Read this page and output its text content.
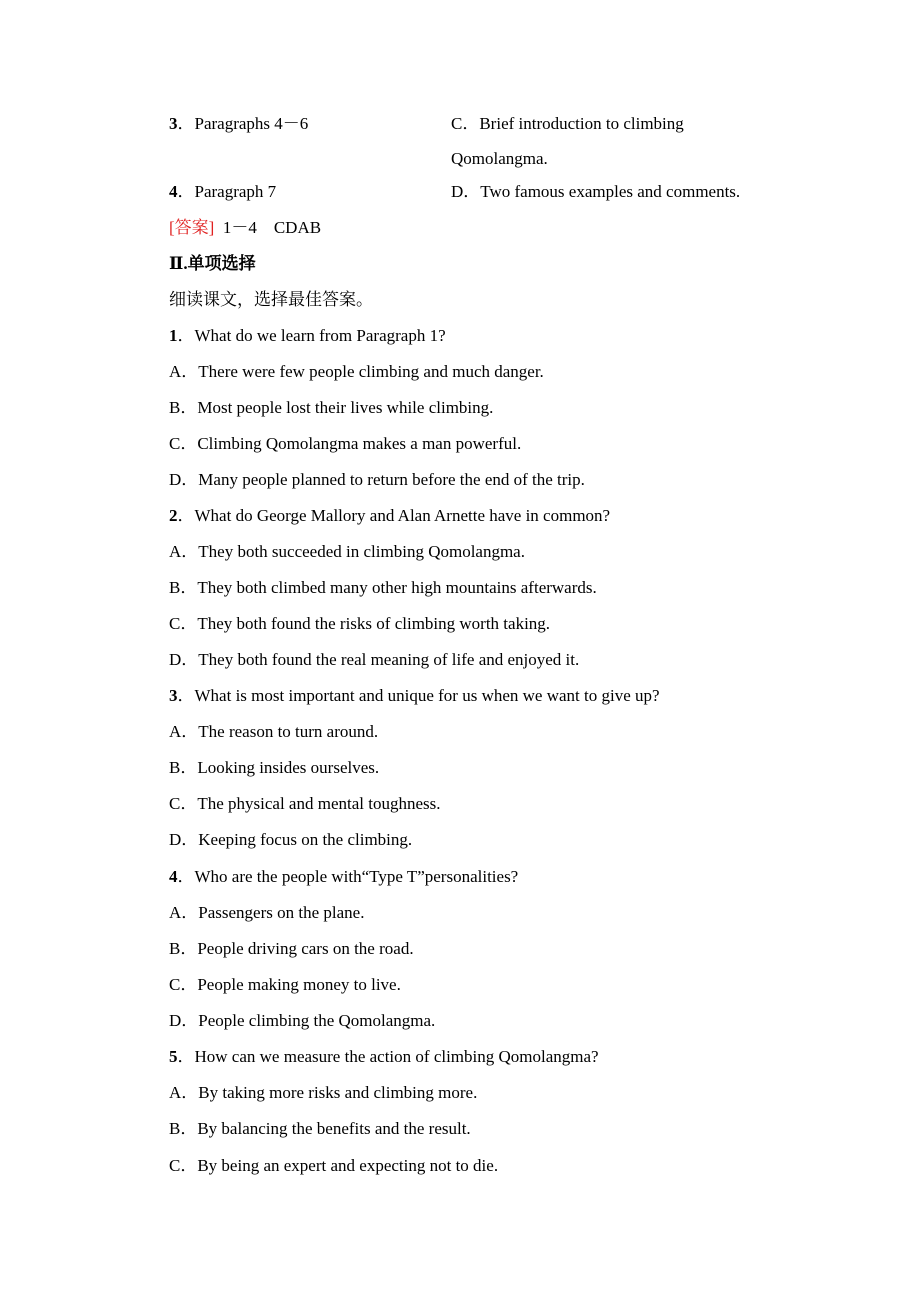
3．Paragraphs 4－6	C．Brief introduction to climbing
Qomolangma.
4．Paragraph 7	D．Two famous examples and comments.
[答案] 1－4　CDAB
Ⅱ.单项选择
细读课文，选择最佳答案。
1．What do we learn from Paragraph 1?
A．There were few people climbing and much danger.
B．Most people lost their lives while climbing.
C．Climbing Qomolangma makes a man powerful.
D．Many people planned to return before the end of the trip.
2．What do George Mallory and Alan Arnette have in common?
A．They both succeeded in climbing Qomolangma.
B．They both climbed many other high mountains afterwards.
C．They both found the risks of climbing worth taking.
D．They both found the real meaning of life and enjoyed it.
3．What is most important and unique for us when we want to give up?
A．The reason to turn around.
B．Looking insides ourselves.
C．The physical and mental toughness.
D．Keeping focus on the climbing.
4．Who are the people with“Type T”personalities?
A．Passengers on the plane.
B．People driving cars on the road.
C．People making money to live.
D．People climbing the Qomolangma.
5．How can we measure the action of climbing Qomolangma?
A．By taking more risks and climbing more.
B．By balancing the benefits and the result.
C．By being an expert and expecting not to die.
